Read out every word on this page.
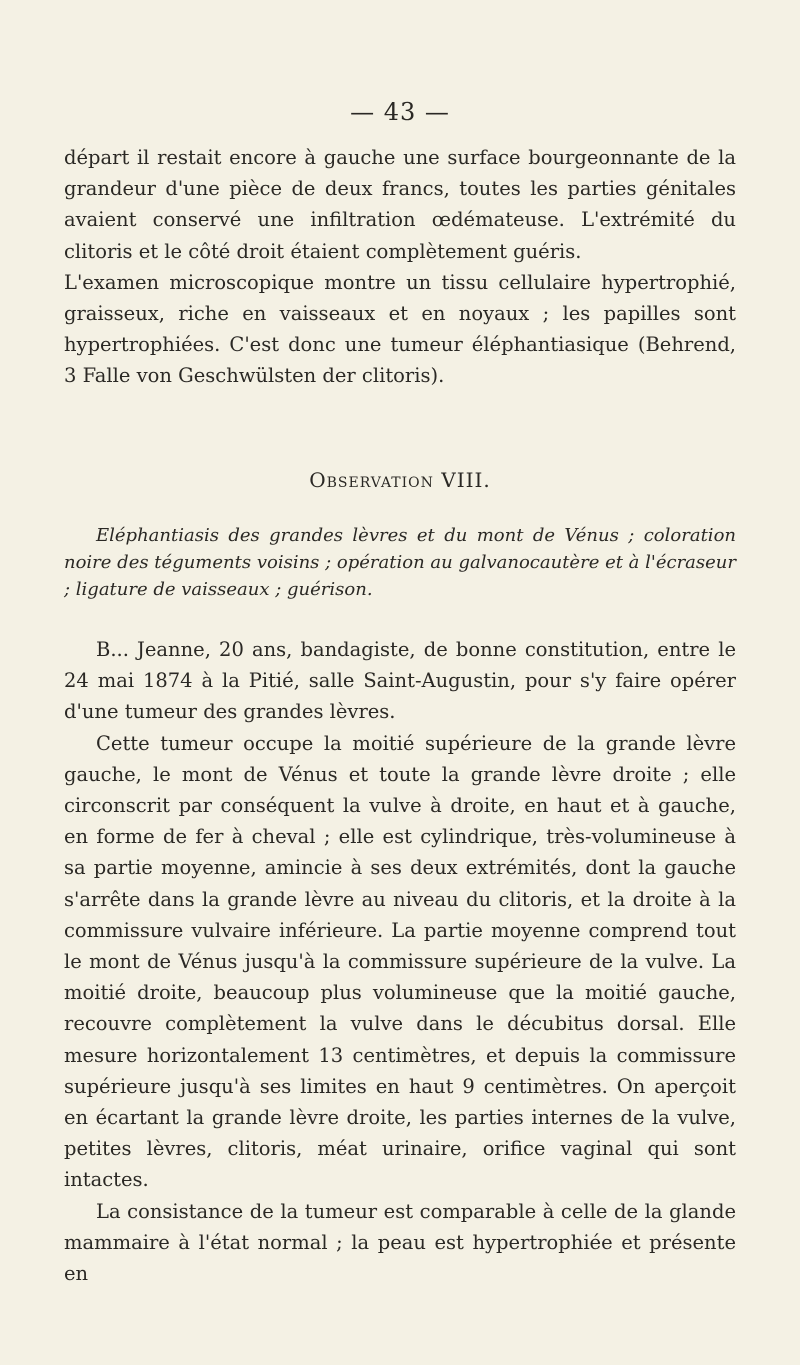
— 43 —

départ il restait encore à gauche une surface bourgeonnante de la grandeur d'une pièce de deux francs, toutes les parties génitales avaient conservé une infiltration œdémateuse. L'extrémité du clitoris et le côté droit étaient complètement guéris.

L'examen microscopique montre un tissu cellulaire hypertrophié, graisseux, riche en vaisseaux et en noyaux ; les papilles sont hypertrophiées. C'est donc une tumeur éléphantiasique (Behrend, 3 Falle von Geschwülsten der clitoris).

Observation VIII.
Eléphantiasis des grandes lèvres et du mont de Vénus ; coloration noire des téguments voisins ; opération au galvanocautère et à l'écraseur ; ligature de vaisseaux ; guérison.

B... Jeanne, 20 ans, bandagiste, de bonne constitution, entre le 24 mai 1874 à la Pitié, salle Saint-Augustin, pour s'y faire opérer d'une tumeur des grandes lèvres.

Cette tumeur occupe la moitié supérieure de la grande lèvre gauche, le mont de Vénus et toute la grande lèvre droite ; elle circonscrit par conséquent la vulve à droite, en haut et à gauche, en forme de fer à cheval ; elle est cylindrique, très-volumineuse à sa partie moyenne, amincie à ses deux extrémités, dont la gauche s'arrête dans la grande lèvre au niveau du clitoris, et la droite à la commissure vulvaire inférieure. La partie moyenne comprend tout le mont de Vénus jusqu'à la commissure supérieure de la vulve. La moitié droite, beaucoup plus volumineuse que la moitié gauche, recouvre complètement la vulve dans le décubitus dorsal. Elle mesure horizontalement 13 centimètres, et depuis la commissure supérieure jusqu'à ses limites en haut 9 centimètres. On aperçoit en écartant la grande lèvre droite, les parties internes de la vulve, petites lèvres, clitoris, méat urinaire, orifice vaginal qui sont intactes.

La consistance de la tumeur est comparable à celle de la glande mammaire à l'état normal ; la peau est hypertrophiée et présente en
